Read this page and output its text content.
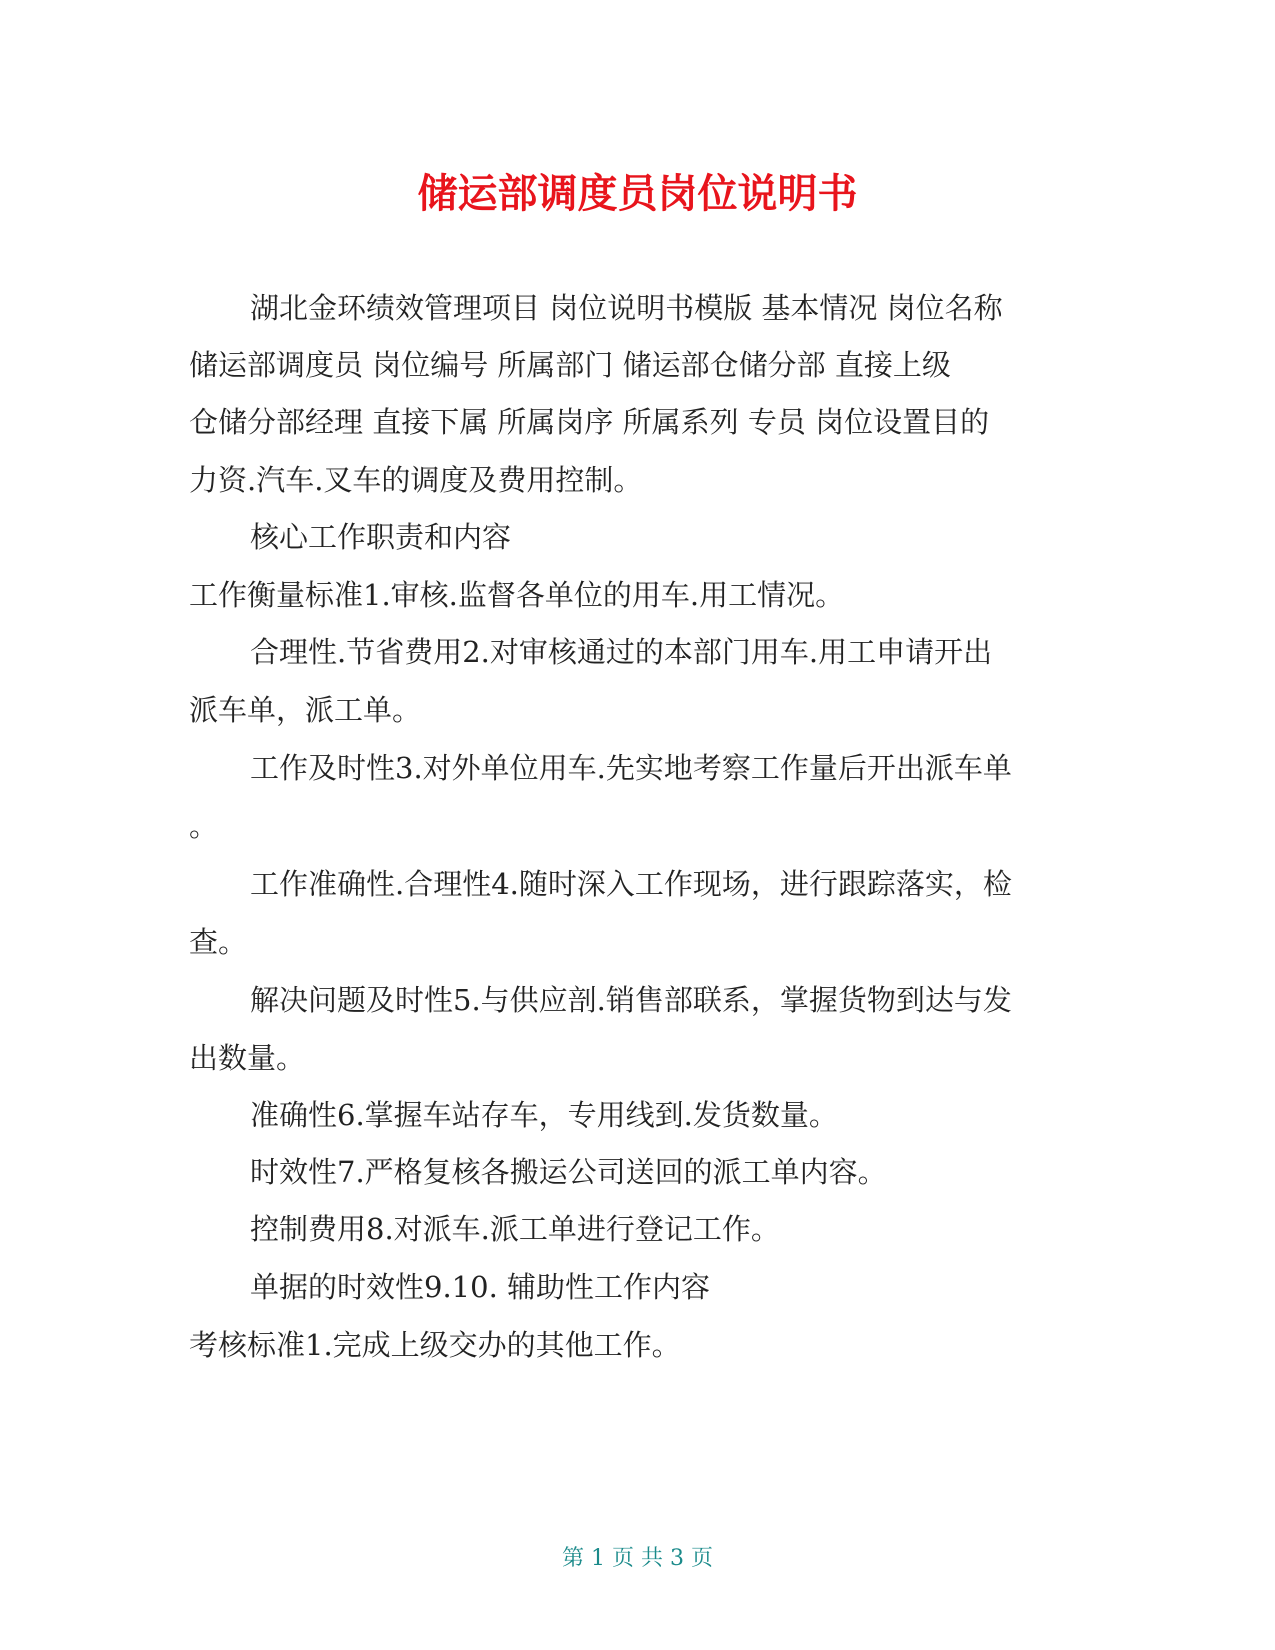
储运部调度员岗位说明书

湖北金环绩效管理项目 岗位说明书模版 基本情况 岗位名称

储运部调度员 岗位编号 所属部门 储运部仓储分部 直接上级

仓储分部经理 直接下属 所属岗序 所属系列 专员 岗位设置目的

力资.汽车.叉车的调度及费用控制。

核心工作职责和内容

工作衡量标准1.审核.监督各单位的用车.用工情况。

合理性.节省费用2.对审核通过的本部门用车.用工申请开出

派车单，派工单。

工作及时性3.对外单位用车.先实地考察工作量后开出派车单

。

工作准确性.合理性4.随时深入工作现场，进行跟踪落实，检

查。

解决问题及时性5.与供应剖.销售部联系，掌握货物到达与发

出数量。

准确性6.掌握车站存车，专用线到.发货数量。

时效性7.严格复核各搬运公司送回的派工单内容。

控制费用8.对派车.派工单进行登记工作。

单据的时效性9.10. 辅助性工作内容

考核标准1.完成上级交办的其他工作。

第 1 页 共 3 页
